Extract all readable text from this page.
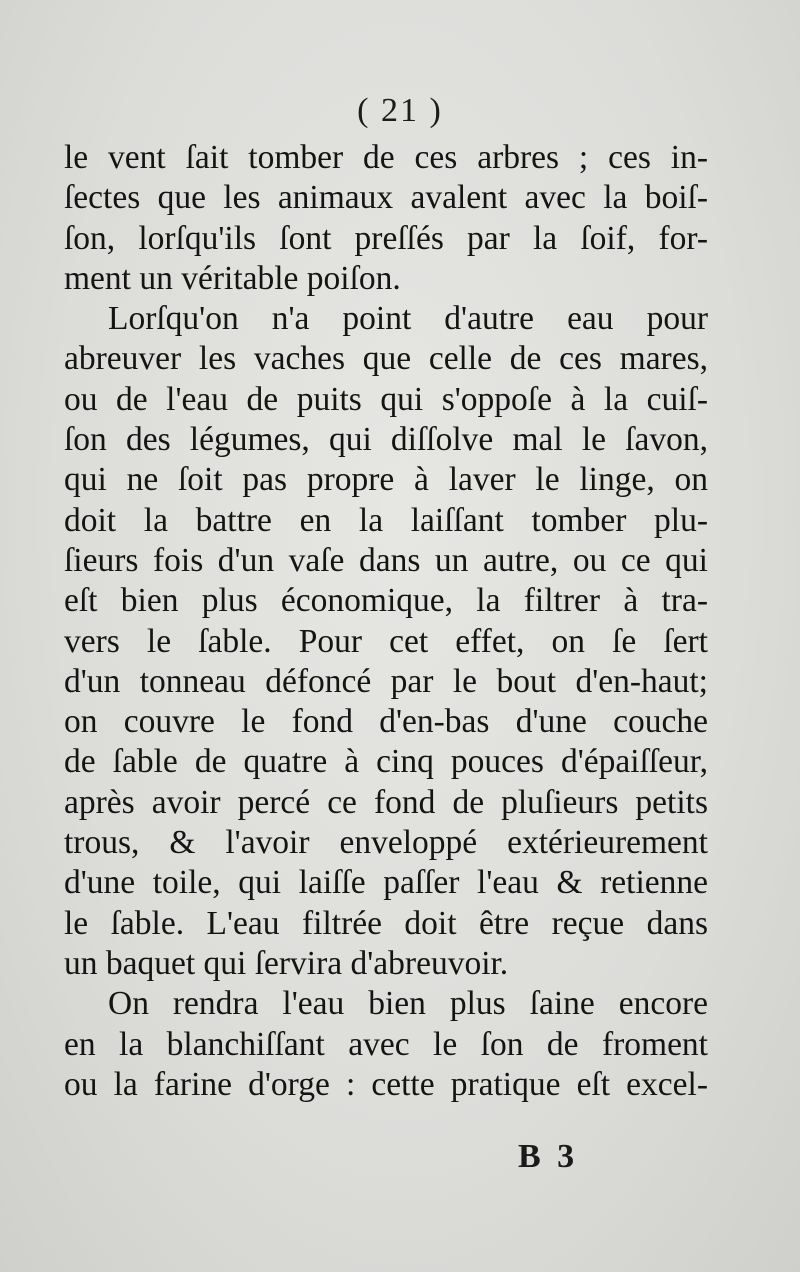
( 21 )
le vent ſait tomber de ces arbres ; ces in-
ſectes que les animaux avalent avec la boiſ-
ſon, lorſqu'ils ſont preſſés par la ſoif, for-
ment un véritable poiſon.
Lorſqu'on n'a point d'autre eau pour
abreuver les vaches que celle de ces mares,
ou de l'eau de puits qui s'oppoſe à la cuiſ-
ſon des légumes, qui diſſolve mal le ſavon,
qui ne ſoit pas propre à laver le linge, on
doit la battre en la laiſſant tomber plu-
ſieurs fois d'un vaſe dans un autre, ou ce qui
eſt bien plus économique, la filtrer à tra-
vers le ſable. Pour cet effet, on ſe ſert
d'un tonneau défoncé par le bout d'en-haut;
on couvre le fond d'en-bas d'une couche
de ſable de quatre à cinq pouces d'épaiſſeur,
après avoir percé ce fond de pluſieurs petits
trous, & l'avoir enveloppé extérieurement
d'une toile, qui laiſſe paſſer l'eau & retienne
le ſable. L'eau filtrée doit être reçue dans
un baquet qui ſervira d'abreuvoir.
On rendra l'eau bien plus ſaine encore
en la blanchiſſant avec le ſon de froment
ou la farine d'orge : cette pratique eſt excel-
B 3
